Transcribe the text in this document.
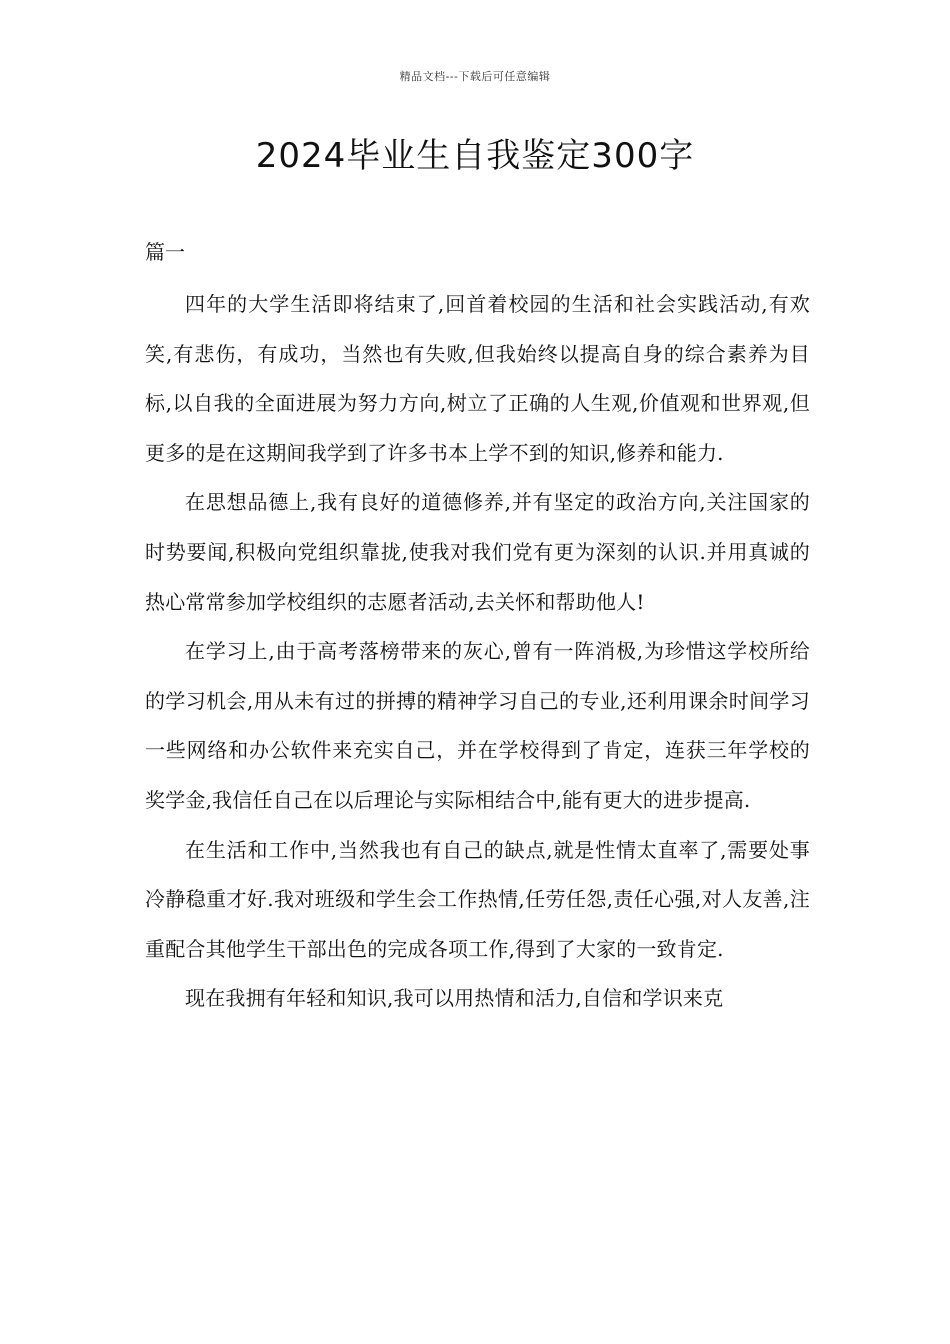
精品文档---下载后可任意编辑
2024毕业生自我鉴定300字
篇一

四年的大学生活即将结束了,回首着校园的生活和社会实践活动,有欢笑,有悲伤，有成功，当然也有失败,但我始终以提高自身的综合素养为目标,以自我的全面进展为努力方向,树立了正确的人生观,价值观和世界观,但更多的是在这期间我学到了许多书本上学不到的知识,修养和能力.

在思想品德上,我有良好的道德修养,并有坚定的政治方向,关注国家的时势要闻,积极向党组织靠拢,使我对我们党有更为深刻的认识.并用真诚的热心常常参加学校组织的志愿者活动,去关怀和帮助他人!

在学习上,由于高考落榜带来的灰心,曾有一阵消极,为珍惜这学校所给的学习机会,用从未有过的拼搏的精神学习自己的专业,还利用课余时间学习一些网络和办公软件来充实自己，并在学校得到了肯定，连获三年学校的奖学金,我信任自己在以后理论与实际相结合中,能有更大的进步提高.

在生活和工作中,当然我也有自己的缺点,就是性情太直率了,需要处事冷静稳重才好.我对班级和学生会工作热情,任劳任怨,责任心强,对人友善,注重配合其他学生干部出色的完成各项工作,得到了大家的一致肯定.

现在我拥有年轻和知识,我可以用热情和活力,自信和学识来克
